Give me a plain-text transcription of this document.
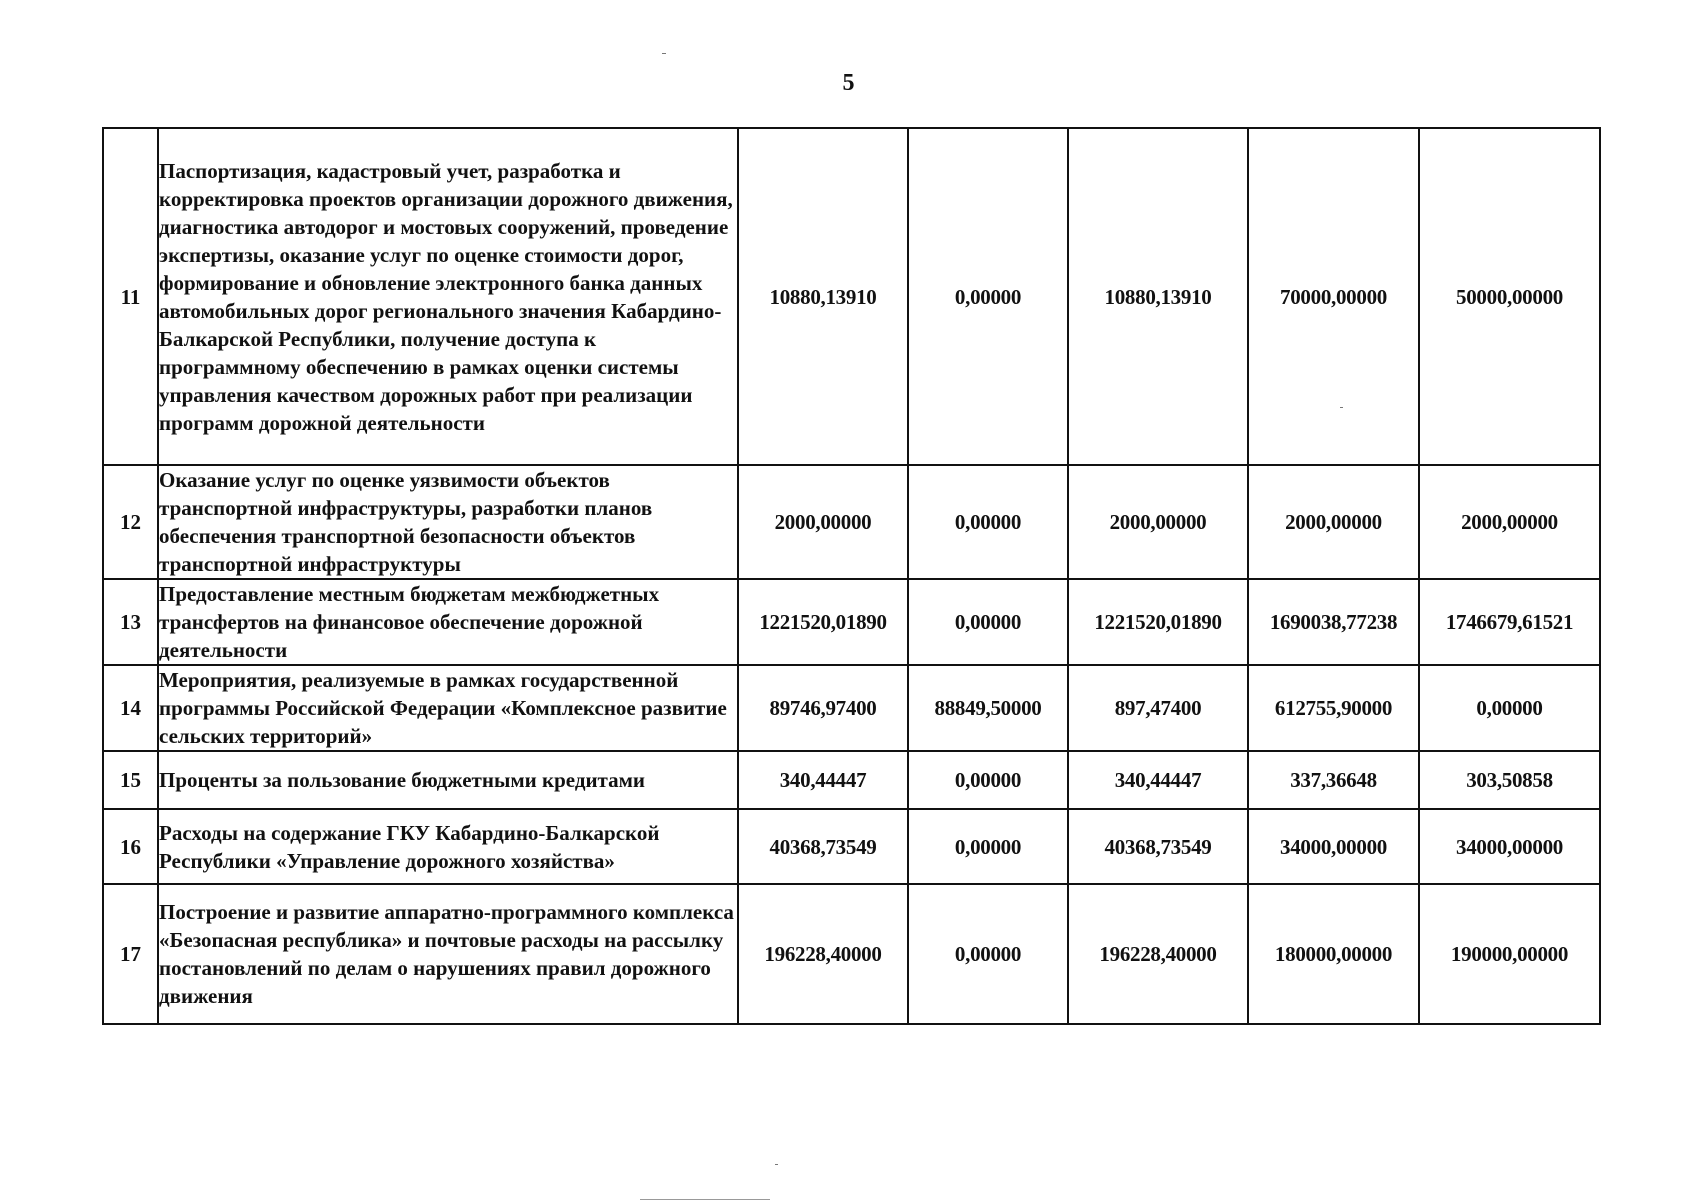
5
11	Паспортизация, кадастровый учет, разработка и корректировка проектов организации дорожного движения, диагностика автодорог и мостовых сооружений, проведение экспертизы, оказание услуг по оценке стоимости дорог, формирование и обновление электронного банка данных автомобильных дорог регионального значения Кабардино-Балкарской Республики, получение доступа к программному обеспечению в рамках оценки системы управления качеством дорожных работ при реализации программ дорожной деятельности	10880,13910	0,00000	10880,13910	70000,00000	50000,00000
12	Оказание услуг по оценке уязвимости объектов транспортной инфраструктуры, разработки планов обеспечения транспортной безопасности объектов транспортной инфраструктуры	2000,00000	0,00000	2000,00000	2000,00000	2000,00000
13	Предоставление местным бюджетам межбюджетных трансфертов на финансовое обеспечение дорожной деятельности	1221520,01890	0,00000	1221520,01890	1690038,77238	1746679,61521
14	Мероприятия, реализуемые в рамках государственной программы Российской Федерации «Комплексное развитие сельских территорий»	89746,97400	88849,50000	897,47400	612755,90000	0,00000
15	Проценты за пользование бюджетными кредитами	340,44447	0,00000	340,44447	337,36648	303,50858
16	Расходы на содержание ГКУ Кабардино-Балкарской Республики «Управление дорожного хозяйства»	40368,73549	0,00000	40368,73549	34000,00000	34000,00000
17	Построение и развитие аппаратно-программного комплекса «Безопасная республика» и почтовые расходы на рассылку постановлений по делам о нарушениях правил дорожного движения	196228,40000	0,00000	196228,40000	180000,00000	190000,00000
